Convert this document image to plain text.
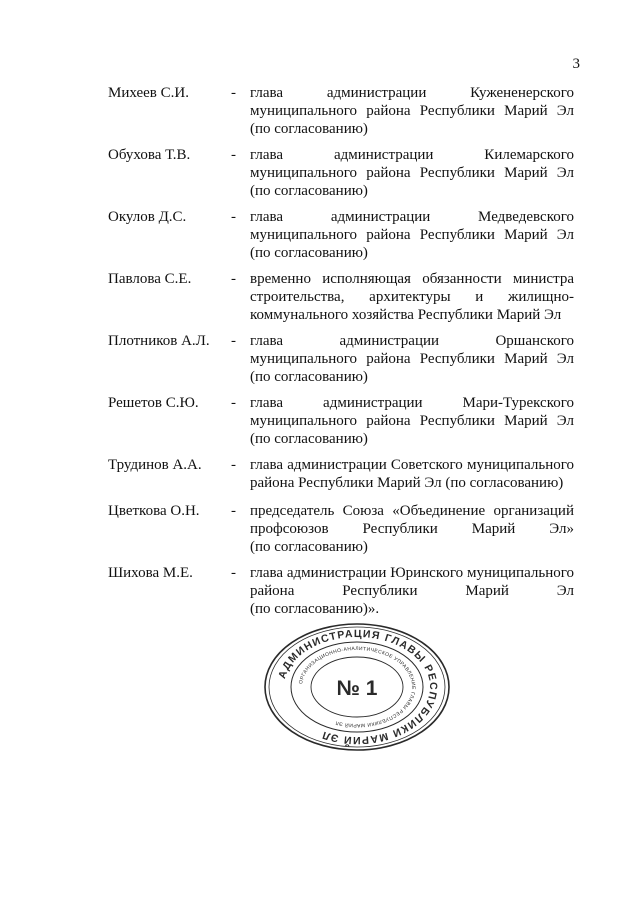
3
Михеев С.И.	- глава администрации Кужененерского
муниципального района Республики Марий Эл
(по согласованию)
Обухова Т.В.	- глава администрации Килемарского
муниципального района Республики Марий Эл
(по согласованию)
Окулов Д.С.	- глава администрации Медведевского
муниципального района Республики Марий Эл
(по согласованию)
Павлова С.Е.	- временно исполняющая обязанности министра
строительства, архитектуры и жилищно-
коммунального хозяйства Республики Марий Эл
Плотников А.Л. - глава администрации Оршанского
муниципального района Республики Марий Эл
(по согласованию)
Решетов С.Ю. - глава администрации Мари-Турекского
муниципального района Республики Марий Эл
(по согласованию)
Трудинов А.А. - глава администрации Советского муниципального
района Республики Марий Эл (по согласованию)
Цветкова О.Н. - председатель Союза «Объединение организаций
профсоюзов Республики Марий Эл»
(по согласованию)
Шихова М.Е.	- глава администрации Юринского муниципального
района Республики Марий Эл
(по согласованию)».
АДМИНИСТРАЦИЯ ГЛАВЫ РЕСПУБЛИКИ МАРИЙ ЭЛ
ОРГАНИЗАЦИОННО-АНАЛИТИЧЕСКОЕ УПРАВЛЕНИЕ ГЛАВЫ РЕСПУБЛИКИ МАРИЙ ЭЛ
№ 1
